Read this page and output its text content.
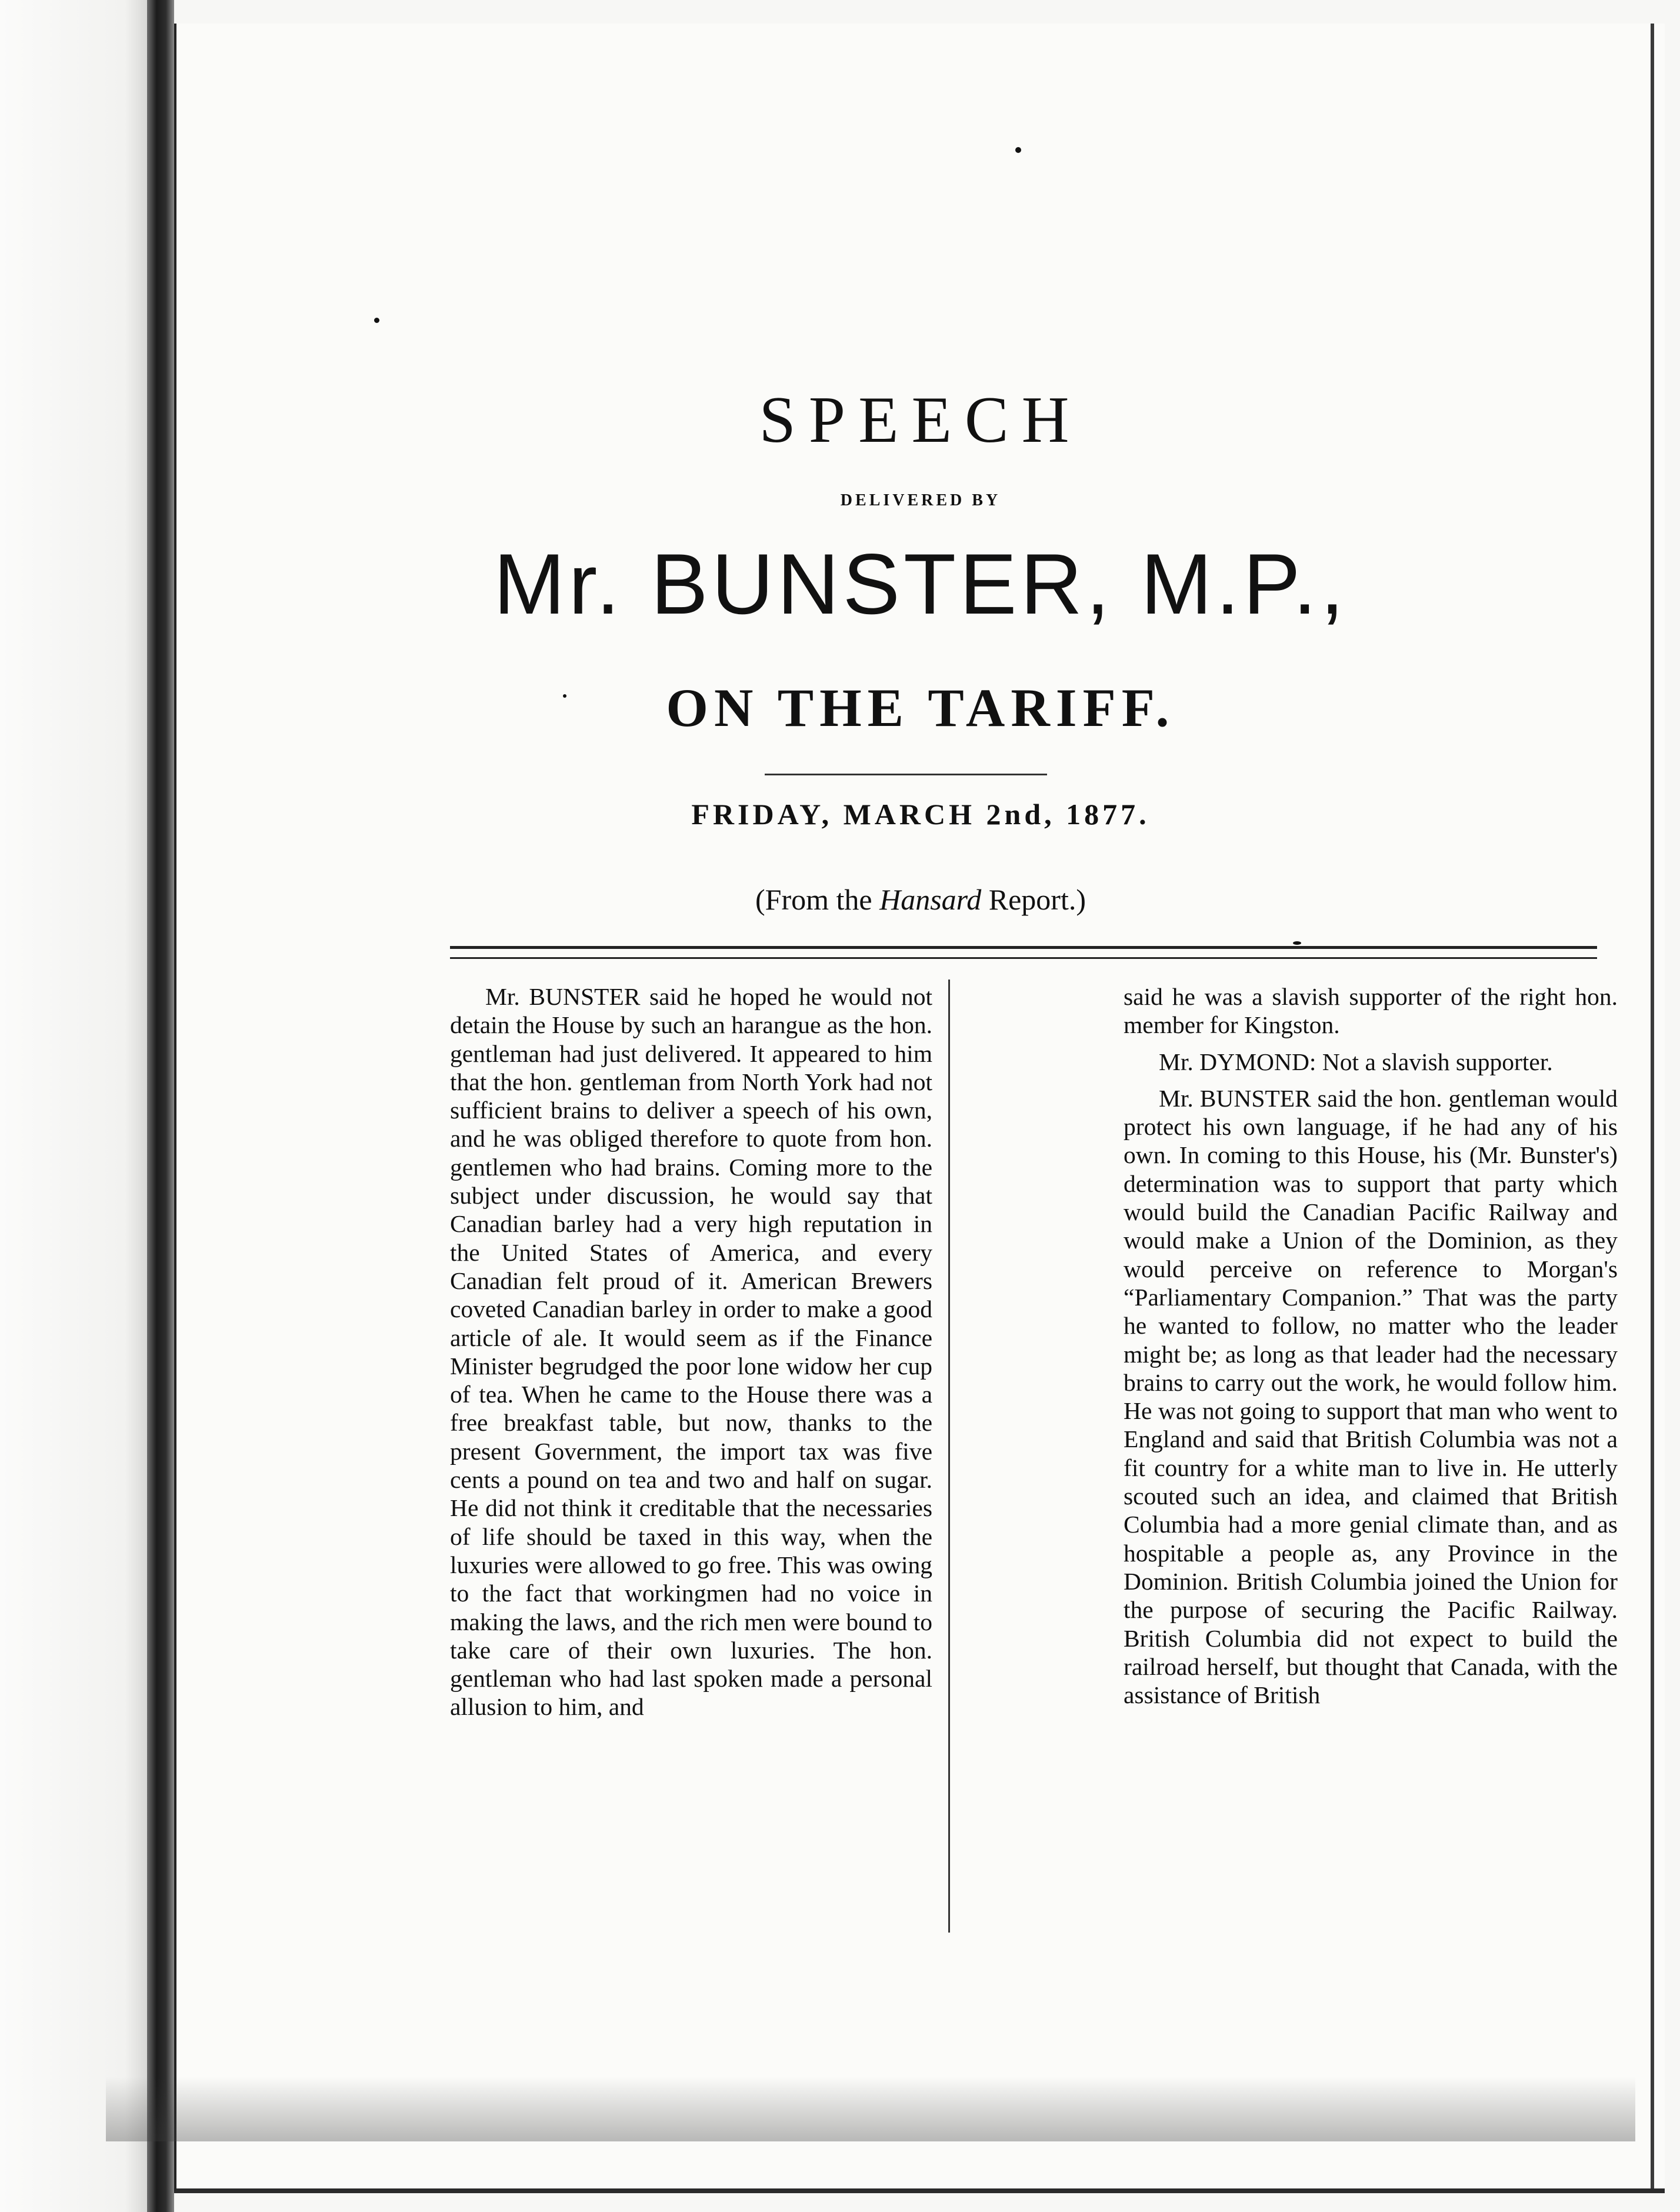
SPEECH
DELIVERED BY
Mr. BUNSTER, M.P.,
ON THE TARIFF.
FRIDAY, MARCH 2nd, 1877.
(From the Hansard Report.)

Mr. BUNSTER said he hoped he would not detain the House by such an harangue as the hon. gentleman had just delivered. It appeared to him that the hon. gentleman from North York had not sufficient brains to deliver a speech of his own, and he was obliged therefore to quote from hon. gentlemen who had brains. Coming more to the subject under discussion, he would say that Canadian barley had a very high reputation in the United States of America, and every Canadian felt proud of it. American Brewers coveted Canadian barley in order to make a good article of ale. It would seem as if the Finance Minister begrudged the poor lone widow her cup of tea. When he came to the House there was a free breakfast table, but now, thanks to the present Government, the import tax was five cents a pound on tea and two and half on sugar. He did not think it creditable that the necessaries of life should be taxed in this way, when the luxuries were allowed to go free. This was owing to the fact that workingmen had no voice in making the laws, and the rich men were bound to take care of their own luxuries. The hon. gentleman who had last spoken made a personal allusion to him, and

said he was a slavish supporter of the right hon. member for Kingston.

Mr. DYMOND: Not a slavish supporter.

Mr. BUNSTER said the hon. gentleman would protect his own language, if he had any of his own. In coming to this House, his (Mr. Bunster's) determination was to support that party which would build the Canadian Pacific Railway and would make a Union of the Dominion, as they would perceive on reference to Morgan's “Parliamentary Companion.” That was the party he wanted to follow, no matter who the leader might be; as long as that leader had the necessary brains to carry out the work, he would follow him. He was not going to support that man who went to England and said that British Columbia was not a fit country for a white man to live in. He utterly scouted such an idea, and claimed that British Columbia had a more genial climate than, and as hospitable a people as, any Province in the Dominion. British Columbia joined the Union for the purpose of securing the Pacific Railway. British Columbia did not expect to build the railroad herself, but thought that Canada, with the assistance of British
